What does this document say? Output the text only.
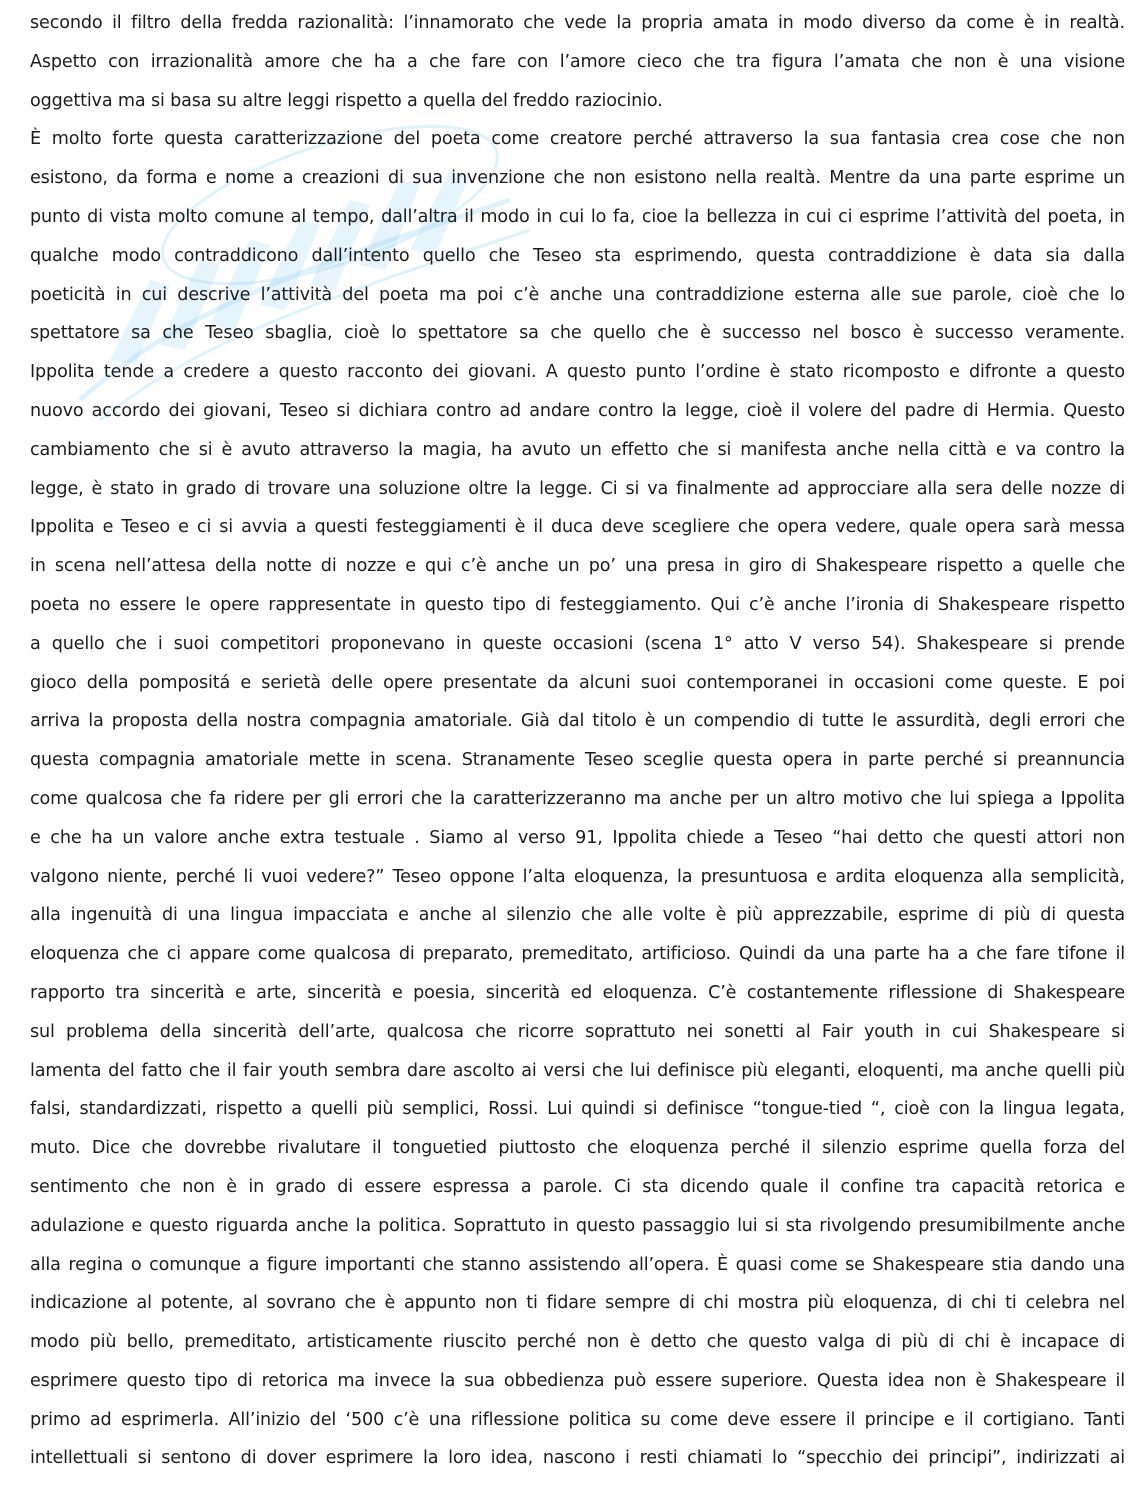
secondo il filtro della fredda razionalità: l’innamorato che vede la propria amata in modo diverso da come è in realtà.
Aspetto con irrazionalità amore che ha a che fare con l’amore cieco che tra figura l’amata che non è una visione
oggettiva ma si basa su altre leggi rispetto a quella del freddo raziocinio.
È molto forte questa caratterizzazione del poeta come creatore perché attraverso la sua fantasia crea cose che non
esistono, da forma e nome a creazioni di sua invenzione che non esistono nella realtà. Mentre da una parte esprime un
punto di vista molto comune al tempo, dall’altra il modo in cui lo fa, cioe la bellezza in cui ci esprime l’attività del poeta, in
qualche modo contraddicono dall’intento quello che Teseo sta esprimendo, questa contraddizione è data sia dalla
poeticità in cui descrive l’attività del poeta ma poi c’è anche una contraddizione esterna alle sue parole, cioè che lo
spettatore sa che Teseo sbaglia, cioè lo spettatore sa che quello che è successo nel bosco è successo veramente.
Ippolita tende a credere a questo racconto dei giovani. A questo punto l’ordine è stato ricomposto e difronte a questo
nuovo accordo dei giovani, Teseo si dichiara contro ad andare contro la legge, cioè il volere del padre di Hermia. Questo
cambiamento che si è avuto attraverso la magia, ha avuto un effetto che si manifesta anche nella città e va contro la
legge, è stato in grado di trovare una soluzione oltre la legge. Ci si va finalmente ad approcciare alla sera delle nozze di
Ippolita e Teseo e ci si avvia a questi festeggiamenti è il duca deve scegliere che opera vedere, quale opera sarà messa
in scena nell’attesa della notte di nozze e qui c’è anche un po’ una presa in giro di Shakespeare rispetto a quelle che
poeta no essere le opere rappresentate in questo tipo di festeggiamento. Qui c’è anche l’ironia di Shakespeare rispetto
a quello che i suoi competitori proponevano in queste occasioni (scena 1° atto V verso 54). Shakespeare si prende
gioco della pompositá e serietà delle opere presentate da alcuni suoi contemporanei in occasioni come queste. E poi
arriva la proposta della nostra compagnia amatoriale. Già dal titolo è un compendio di tutte le assurdità, degli errori che
questa compagnia amatoriale mette in scena. Stranamente Teseo sceglie questa opera in parte perché si preannuncia
come qualcosa che fa ridere per gli errori che la caratterizzeranno ma anche per un altro motivo che lui spiega a Ippolita
e che ha un valore anche extra testuale . Siamo al verso 91, Ippolita chiede a Teseo “hai detto che questi attori non
valgono niente, perché li vuoi vedere?” Teseo oppone l’alta eloquenza, la presuntuosa e ardita eloquenza alla semplicità,
alla ingenuità di una lingua impacciata e anche al silenzio che alle volte è più apprezzabile, esprime di più di questa
eloquenza che ci appare come qualcosa di preparato, premeditato, artificioso. Quindi da una parte ha a che fare tifone il
rapporto tra sincerità e arte, sincerità e poesia, sincerità ed eloquenza. C’è costantemente riflessione di Shakespeare
sul problema della sincerità dell’arte, qualcosa che ricorre soprattuto nei sonetti al Fair youth in cui Shakespeare si
lamenta del fatto che il fair youth sembra dare ascolto ai versi che lui definisce più eleganti, eloquenti, ma anche quelli più
falsi, standardizzati, rispetto a quelli più semplici, Rossi. Lui quindi si definisce “tongue-tied “, cioè con la lingua legata,
muto. Dice che dovrebbe rivalutare il tonguetied piuttosto che eloquenza perché il silenzio esprime quella forza del
sentimento che non è in grado di essere espressa a parole. Ci sta dicendo quale il confine tra capacità retorica e
adulazione e questo riguarda anche la politica. Soprattuto in questo passaggio lui si sta rivolgendo presumibilmente anche
alla regina o comunque a figure importanti che stanno assistendo all’opera. È quasi come se Shakespeare stia dando una
indicazione al potente, al sovrano che è appunto non ti fidare sempre di chi mostra più eloquenza, di chi ti celebra nel
modo più bello, premeditato, artisticamente riuscito perché non è detto che questo valga di più di chi è incapace di
esprimere questo tipo di retorica ma invece la sua obbedienza può essere superiore. Questa idea non è Shakespeare il
primo ad esprimerla. All’inizio del ‘500 c’è una riflessione politica su come deve essere il principe e il cortigiano. Tanti
intellettuali si sentono di dover esprimere la loro idea, nascono i resti chiamati lo “specchio dei principi”, indirizzati ai
